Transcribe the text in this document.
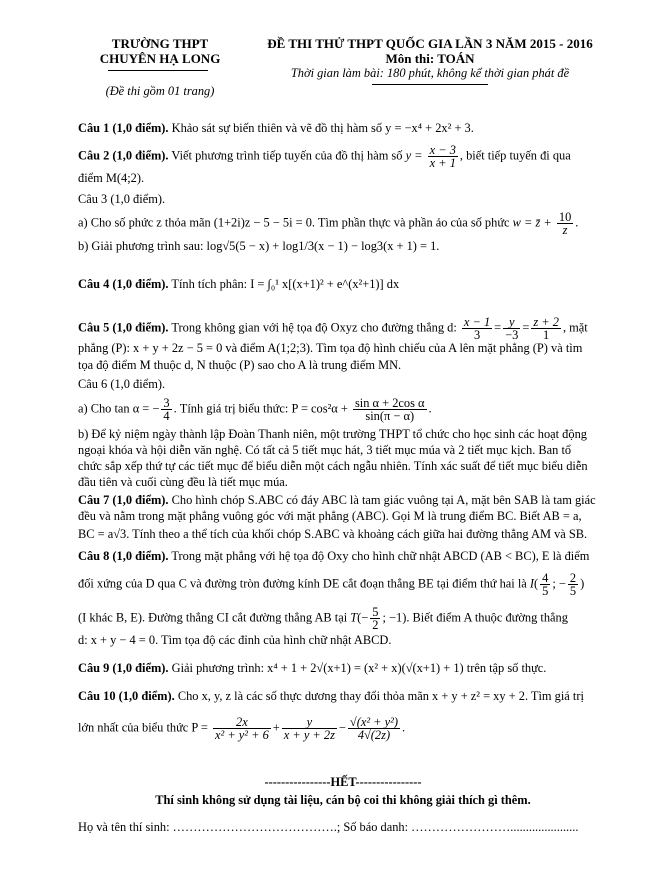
TRƯỜNG THPT
CHUYÊN HẠ LONG
(Đề thi gồm 01 trang)
ĐỀ THI THỬ THPT QUỐC GIA LẦN 3 NĂM 2015 - 2016
Môn thi: TOÁN
Thời gian làm bài: 180 phút, không kể thời gian phát đề
Câu 1 (1,0 điểm). Khảo sát sự biến thiên và vẽ đồ thị hàm số y = −x⁴ + 2x² + 3.
Câu 2 (1,0 điểm). Viết phương trình tiếp tuyến của đồ thị hàm số $y = \frac{x - 3}{x + 1}$ , biết tiếp tuyến đi qua
điểm M(4;2).
Câu 3 (1,0 điểm).
a) Cho số phức z thỏa mãn (1+2i)z − 5 − 5i = 0. Tìm phần thực và phần ảo của số phức w = z̄ + $\frac{10}{z}$ .
b) Giải phương trình sau: log√5(5 − x) + log1/3(x − 1) − log3(x + 1) = 1.
Câu 4 (1,0 điểm). Tính tích phân: I = ∫₀¹ x[(x+1)² + e^(x²+1)] dx
Câu 5 (1,0 điểm). Trong không gian với hệ tọa độ Oxyz cho đường thẳng d: $\frac{x - 1}{3} = \frac{y}{-3} = \frac{z + 2}{1}$ , mặt
phẳng (P): x + y + 2z − 5 = 0 và điểm A(1;2;3). Tìm tọa độ hình chiếu của A lên mặt phẳng (P) và tìm
tọa độ điểm M thuộc d, N thuộc (P) sao cho A là trung điểm MN.
Câu 6 (1,0 điểm).
a) Cho tan α = − $\frac{3}{4}$ . Tính giá trị biểu thức: $P = \cos^2\alpha + \frac{\text{sin α + 2cos α}}{\sin(\pi - \alpha)}$ .
b) Để kỷ niệm ngày thành lập Đoàn Thanh niên, một trường THPT tổ chức cho học sinh các hoạt động
ngoại khóa và hội diễn văn nghệ. Có tất cả 5 tiết mục hát, 3 tiết mục múa và 2 tiết mục kịch. Ban tổ
chức sắp xếp thứ tự các tiết mục để biểu diễn một cách ngẫu nhiên. Tính xác suất để tiết mục biểu diễn
đầu tiên và cuối cùng đều là tiết mục múa.
Câu 7 (1,0 điểm). Cho hình chóp S.ABC có đáy ABC là tam giác vuông tại A, mặt bên SAB là tam giác
đều và nằm trong mặt phẳng vuông góc với mặt phẳng (ABC). Gọi M là trung điểm BC. Biết AB = a,
BC = a√3. Tính theo a thể tích của khối chóp S.ABC và khoảng cách giữa hai đường thẳng AM và SB.
Câu 8 (1,0 điểm). Trong mặt phẳng với hệ tọa độ Oxy cho hình chữ nhật ABCD (AB < BC), E là điểm
đối xứng của D qua C và đường tròn đường kính DE cắt đoạn thẳng BE tại điểm thứ hai là $I( \frac{4}{5}$ ; − $\frac{2}{5}$ )
(I khác B, E). Đường thẳng CI cắt đường thẳng AB tại $T(- \frac{5}{2}$ ; −1). Biết điểm A thuộc đường thẳng
d: x + y − 4 = 0. Tìm tọa độ các đỉnh của hình chữ nhật ABCD.
Câu 9 (1,0 điểm). Giải phương trình: x⁴ + 1 + 2√(x+1) = (x² + x)(√(x+1) + 1) trên tập số thực.
Câu 10 (1,0 điểm). Cho x, y, z là các số thực dương thay đổi thỏa mãn x + y + z² = xy + 2. Tìm giá trị
lớn nhất của biểu thức $P = \frac{2x}{\text{x² + y² + 6}} + \frac{y}{x + y + 2z} - \frac{\text{√(x² + y²)}}{4√(2z)}$ .
----------------HẾT----------------
Thí sinh không sử dụng tài liệu, cán bộ coi thi không giải thích gì thêm.
Họ và tên thí sinh: ………………………………….; Số báo danh: ……………………......................
